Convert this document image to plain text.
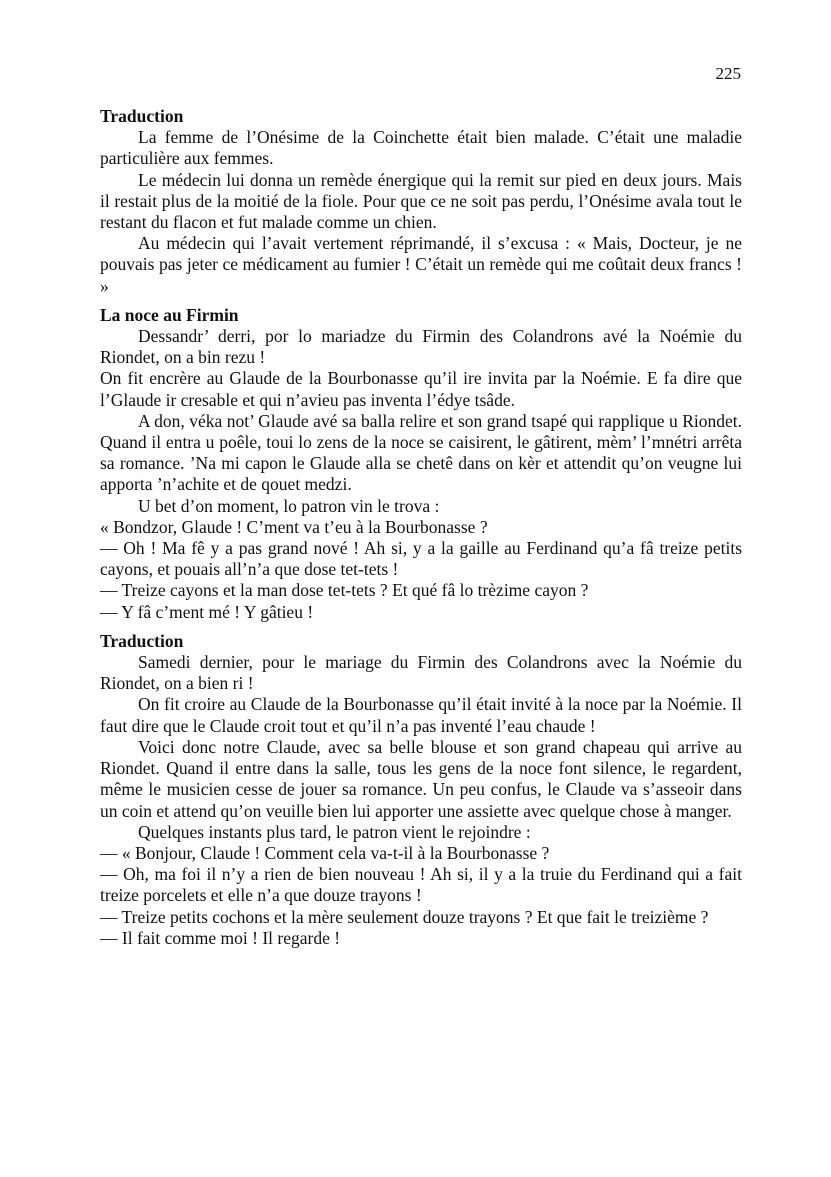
225
Traduction

La femme de l’Onésime de la Coinchette était bien malade. C’était une maladie particulière aux femmes.

Le médecin lui donna un remède énergique qui la remit sur pied en deux jours. Mais il restait plus de la moitié de la fiole. Pour que ce ne soit pas perdu, l’Onésime avala tout le restant du flacon et fut malade comme un chien.

Au médecin qui l’avait vertement réprimandé, il s’excusa : « Mais, Docteur, je ne pouvais pas jeter ce médicament au fumier ! C’était un remède qui me coûtait deux francs ! »

La noce au Firmin

Dessandr’ derri, por lo mariadze du Firmin des Colandrons avé la Noémie du Riondet, on a bin rezu !

On fit encrère au Glaude de la Bourbonasse qu’il ire invita par la Noémie. E fa dire que l’Glaude ir cresable et qui n’avieu pas inventa l’édye tsâde.

A don, véka not’ Glaude avé sa balla relire et son grand tsapé qui rapplique u Riondet. Quand il entra u poêle, toui lo zens de la noce se caisirent, le gâtirent, mèm’ l’mnétri arrêta sa romance. ’Na mi capon le Glaude alla se chetê dans on kèr et attendit qu’on veugne lui apporta ’n’achite et de qouet medzi.

U bet d’on moment, lo patron vin le trova :

« Bondzor, Glaude ! C’ment va t’eu à la Bourbonasse ?

— Oh ! Ma fê y a pas grand nové ! Ah si, y a la gaille au Ferdinand qu’a fâ treize petits cayons, et pouais all’n’a que dose tet-tets !

— Treize cayons et la man dose tet-tets ? Et qué fâ lo trèzime cayon ?

— Y fâ c’ment mé ! Y gâtieu !

Traduction

Samedi dernier, pour le mariage du Firmin des Colandrons avec la Noémie du Riondet, on a bien ri !

On fit croire au Claude de la Bourbonasse qu’il était invité à la noce par la Noémie. Il faut dire que le Claude croit tout et qu’il n’a pas inventé l’eau chaude !

Voici donc notre Claude, avec sa belle blouse et son grand chapeau qui arrive au Riondet. Quand il entre dans la salle, tous les gens de la noce font silence, le regardent, même le musicien cesse de jouer sa romance. Un peu confus, le Claude va s’asseoir dans un coin et attend qu’on veuille bien lui apporter une assiette avec quelque chose à manger.

Quelques instants plus tard, le patron vient le rejoindre :

— « Bonjour, Claude ! Comment cela va-t-il à la Bourbonasse ?

— Oh, ma foi il n’y a rien de bien nouveau ! Ah si, il y a la truie du Ferdinand qui a fait treize porcelets et elle n’a que douze trayons !

— Treize petits cochons et la mère seulement douze trayons ? Et que fait le treizième ?

— Il fait comme moi ! Il regarde !
